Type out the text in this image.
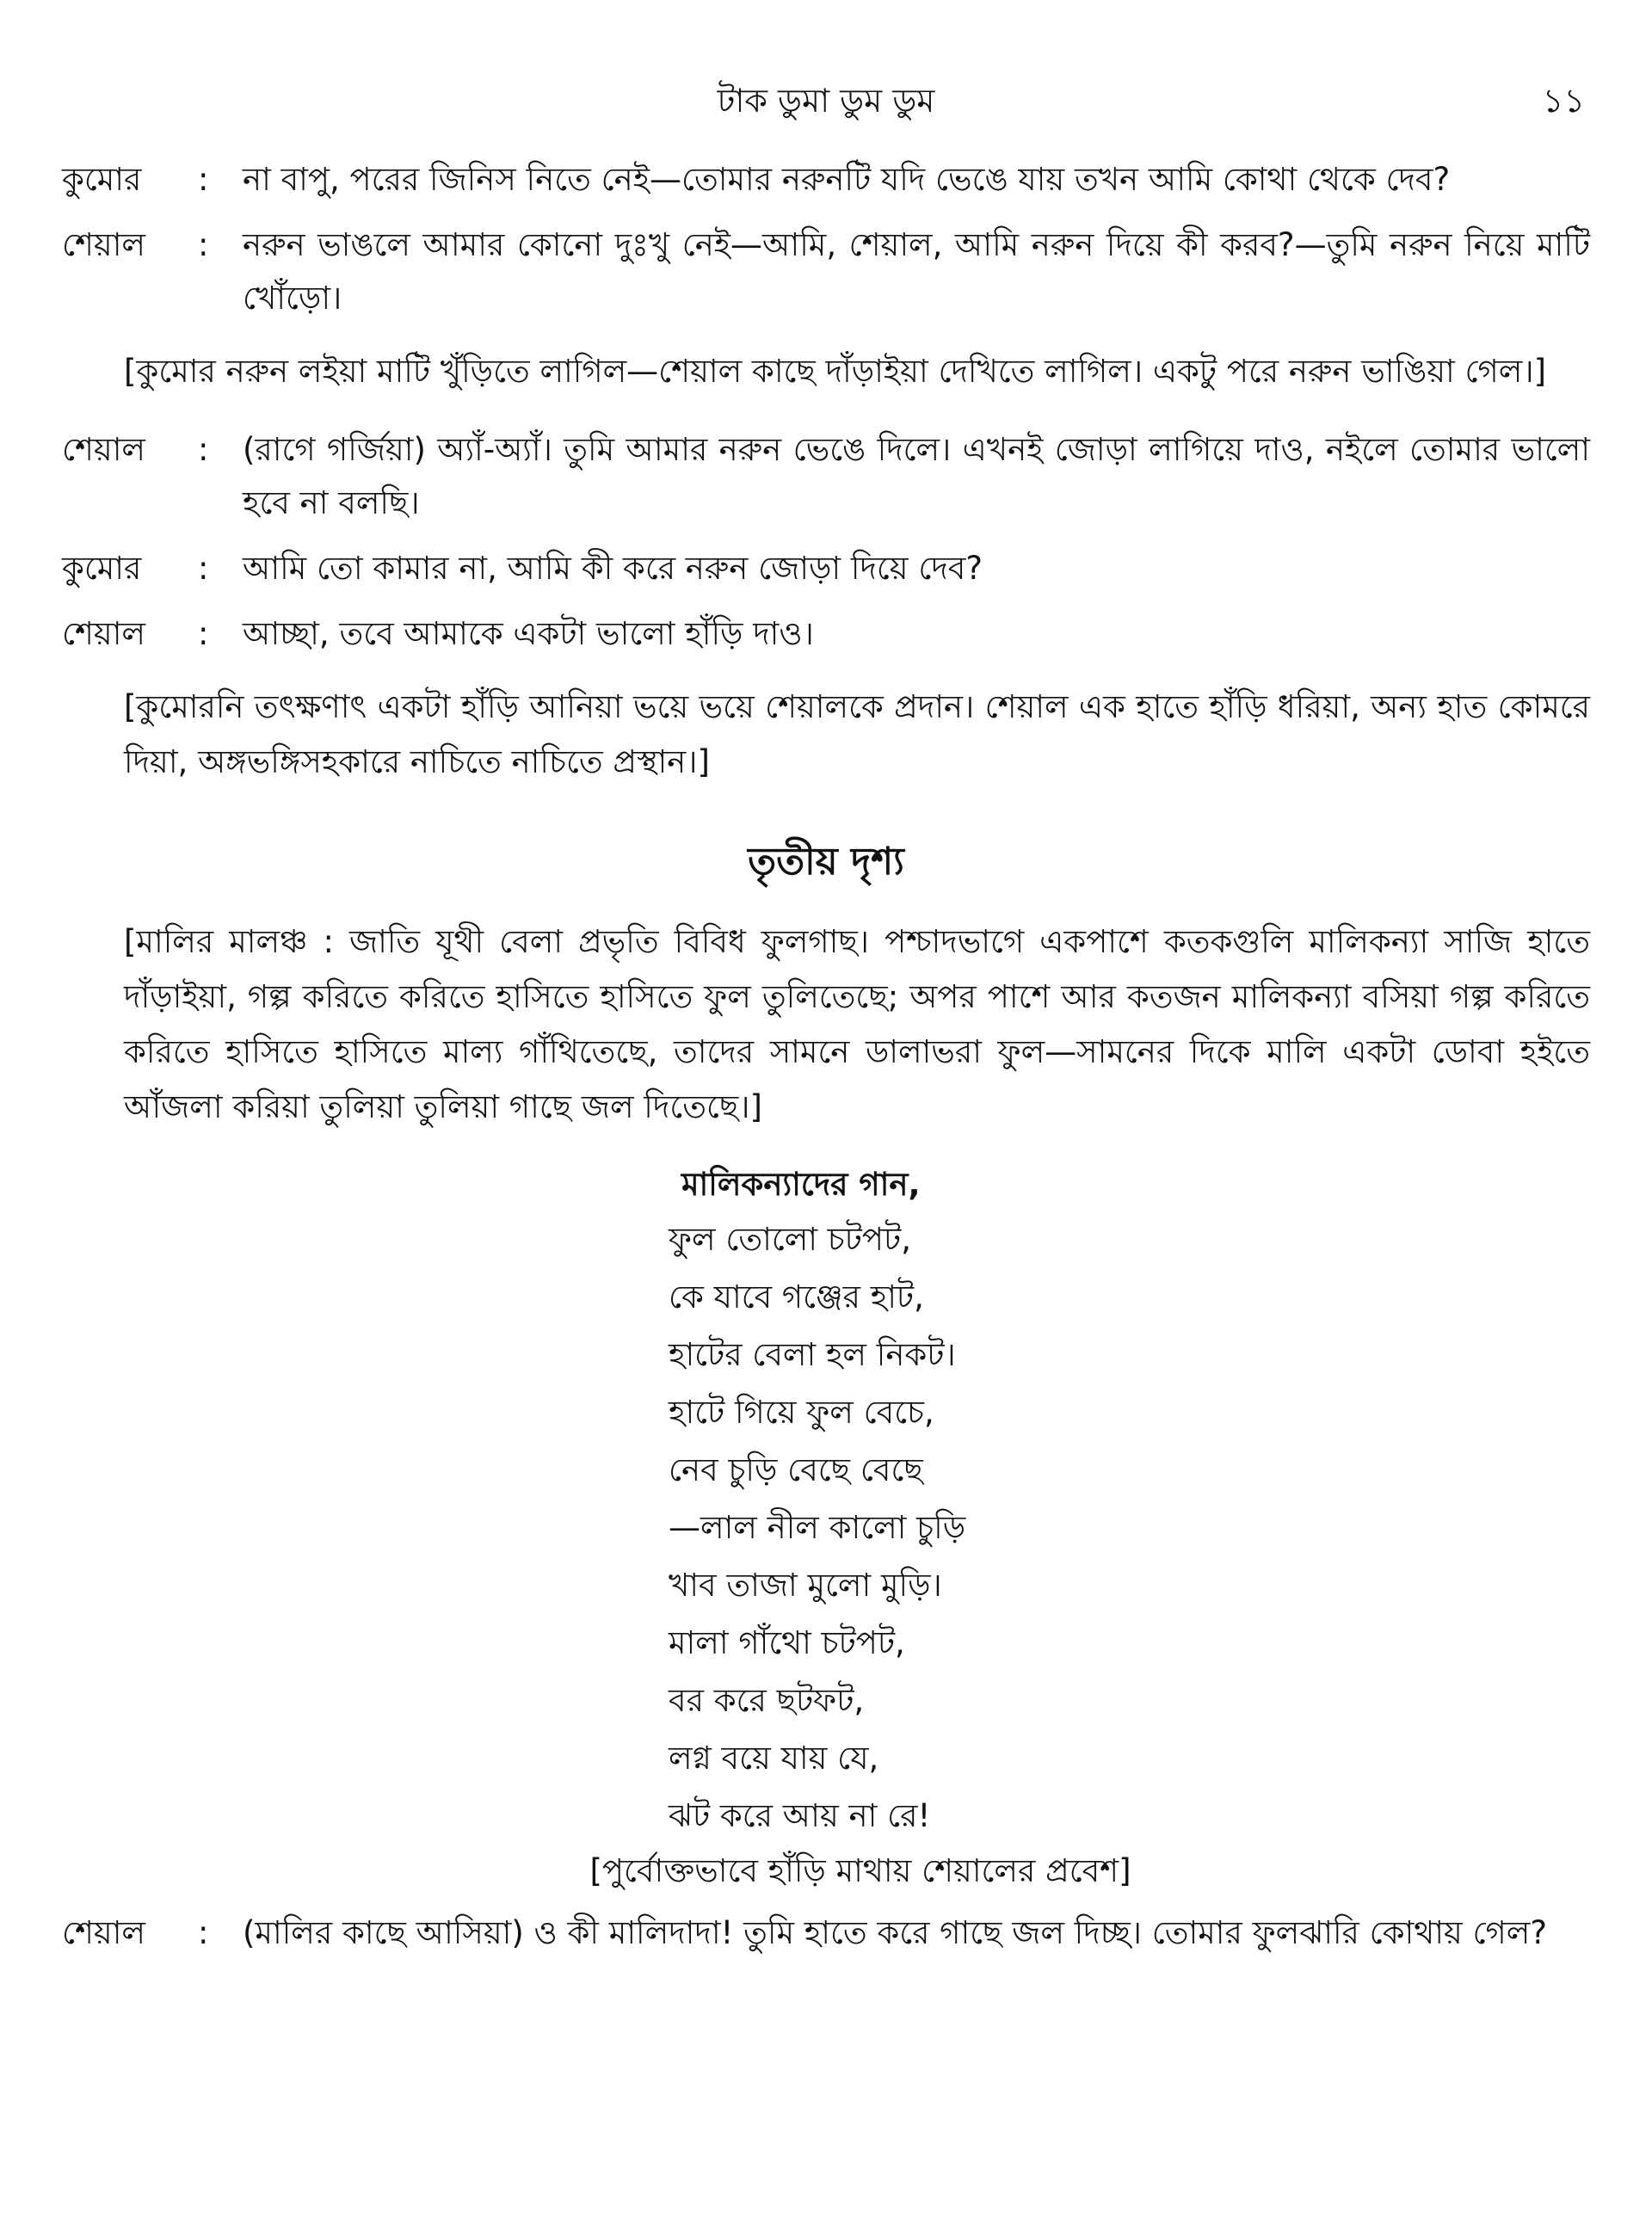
টাক ডুমা ডুম ডুম	১১
কুমোর	:	না বাপু, পরের জিনিস নিতে নেই—তোমার নরুনটি যদি ভেঙে যায় তখন আমি কোথা থেকে দেব?
শেয়াল	:	নরুন ভাঙলে আমার কোনো দুঃখু নেই—আমি, শেয়াল, আমি নরুন দিয়ে কী করব?—তুমি নরুন নিয়ে মাটি খোঁড়ো।
[কুমোর নরুন লইয়া মাটি খুঁড়িতে লাগিল—শেয়াল কাছে দাঁড়াইয়া দেখিতে লাগিল। একটু পরে নরুন ভাঙিয়া গেল।]
শেয়াল	:	(রাগে গর্জিয়া) অ্যাঁ-অ্যাঁ। তুমি আমার নরুন ভেঙে দিলে। এখনই জোড়া লাগিয়ে দাও, নইলে তোমার ভালো হবে না বলছি।
কুমোর	:	আমি তো কামার না, আমি কী করে নরুন জোড়া দিয়ে দেব?
শেয়াল	:	আচ্ছা, তবে আমাকে একটা ভালো হাঁড়ি দাও।
[কুমোরনি তৎক্ষণাৎ একটা হাঁড়ি আনিয়া ভয়ে ভয়ে শেয়ালকে প্রদান। শেয়াল এক হাতে হাঁড়ি ধরিয়া, অন্য হাত কোমরে দিয়া, অঙ্গভঙ্গিসহকারে নাচিতে নাচিতে প্রস্থান।]
তৃতীয় দৃশ্য
[মালির মালঞ্চ : জাতি যূথী বেলা প্রভৃতি বিবিধ ফুলগাছ। পশ্চাদভাগে একপাশে কতকগুলি মালিকন্যা সাজি হাতে দাঁড়াইয়া, গল্প করিতে করিতে হাসিতে হাসিতে ফুল তুলিতেছে; অপর পাশে আর কতজন মালিকন্যা বসিয়া গল্প করিতে করিতে হাসিতে হাসিতে মাল্য গাঁথিতেছে, তাদের সামনে ডালাভরা ফুল—সামনের দিকে মালি একটা ডোবা হইতে আঁজলা করিয়া তুলিয়া তুলিয়া গাছে জল দিতেছে।]
মালিকন্যাদের গান,
ফুল তোলো চটপট,
কে যাবে গঞ্জের হাট,
হাটের বেলা হল নিকট।
হাটে গিয়ে ফুল বেচে,
নেব চুড়ি বেছে বেছে
—লাল নীল কালো চুড়ি
খাব তাজা মুলো মুড়ি।
মালা গাঁথো চটপট,
বর করে ছটফট,
লগ্ন বয়ে যায় যে,
ঝট করে আয় না রে!
[পুর্বোক্তভাবে হাঁড়ি মাথায় শেয়ালের প্রবেশ]
শেয়াল	:	(মালির কাছে আসিয়া) ও কী মালিদাদা! তুমি হাতে করে গাছে জল দিচ্ছ। তোমার ফুলঝারি কোথায় গেল?
